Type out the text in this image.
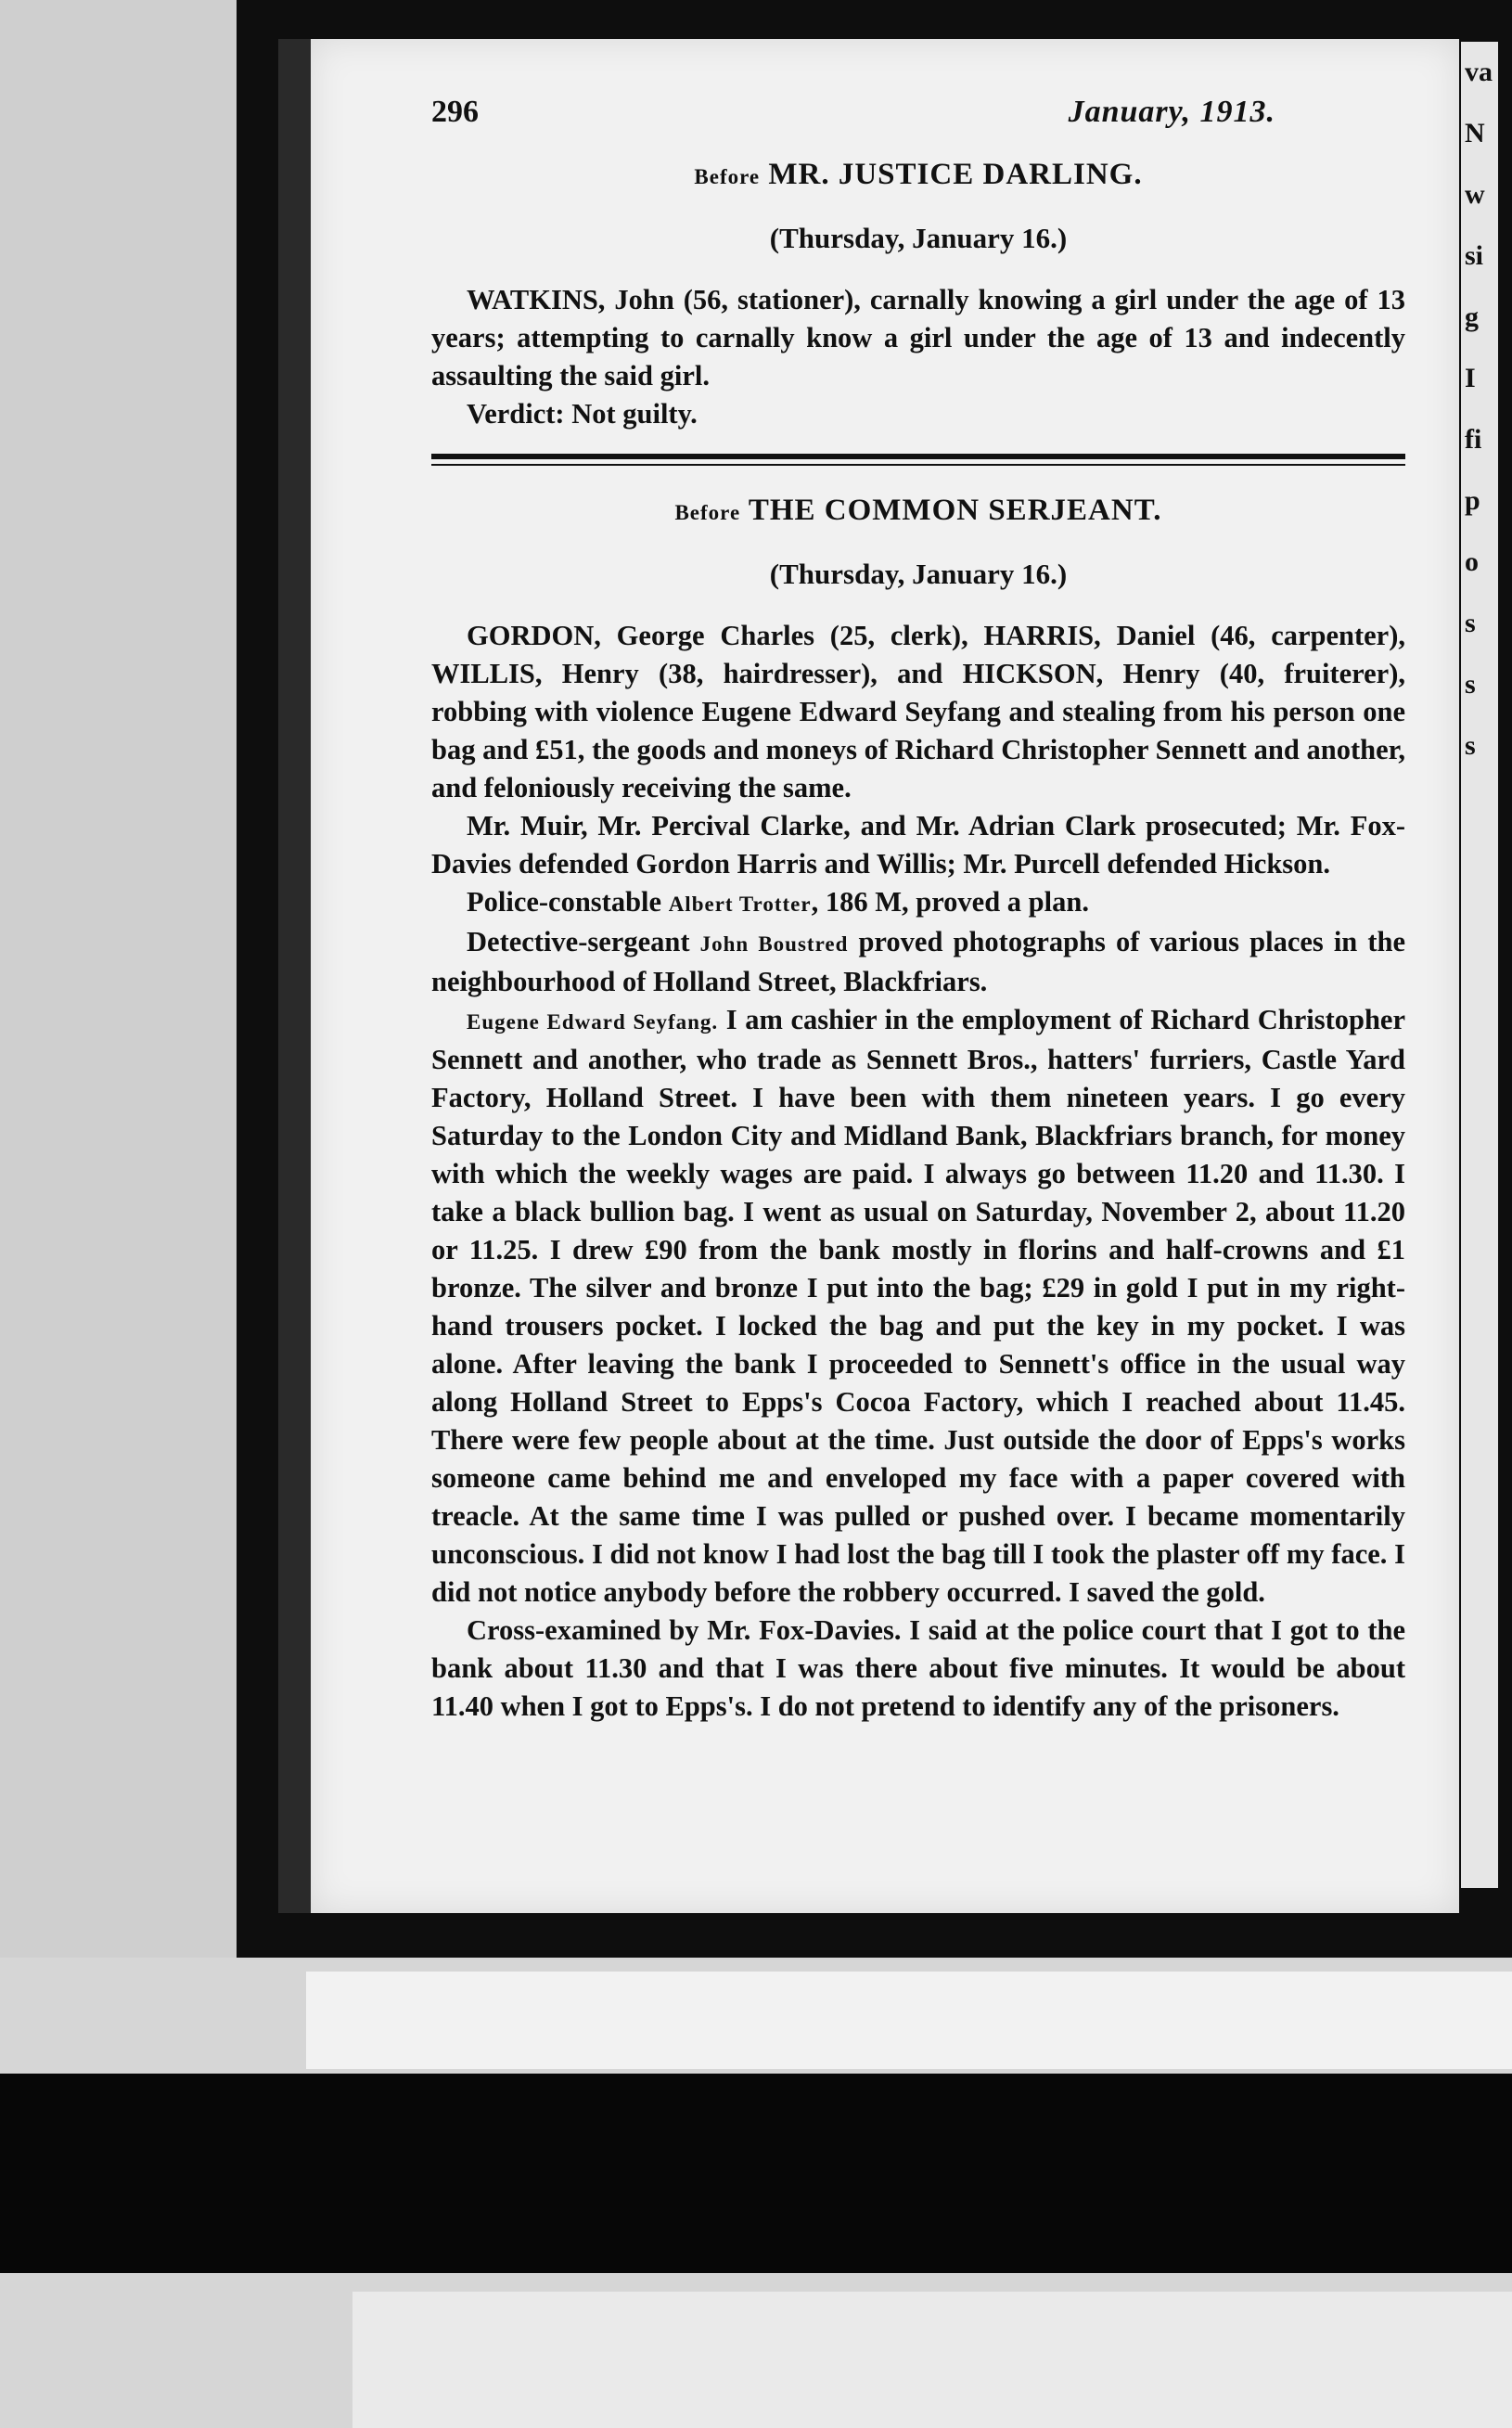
va
N
w
si
g
I
fi
p
o
s
s
s
296	January, 1913.
Before MR. JUSTICE DARLING.
(Thursday, January 16.)

WATKINS, John (56, stationer), carnally knowing a girl under the age of 13 years; attempting to carnally know a girl under the age of 13 and indecently assaulting the said girl.

Verdict: Not guilty.

Before THE COMMON SERJEANT.
(Thursday, January 16.)

GORDON, George Charles (25, clerk), HARRIS, Daniel (46, carpenter), WILLIS, Henry (38, hairdresser), and HICKSON, Henry (40, fruiterer), robbing with violence Eugene Edward Seyfang and stealing from his person one bag and £51, the goods and moneys of Richard Christopher Sennett and another, and feloniously receiving the same.

Mr. Muir, Mr. Percival Clarke, and Mr. Adrian Clark prosecuted; Mr. Fox-Davies defended Gordon Harris and Willis; Mr. Purcell defended Hickson.

Police-constable Albert Trotter, 186 M, proved a plan.

Detective-sergeant John Boustred proved photographs of various places in the neighbourhood of Holland Street, Blackfriars.

Eugene Edward Seyfang. I am cashier in the employment of Richard Christopher Sennett and another, who trade as Sennett Bros., hatters' furriers, Castle Yard Factory, Holland Street. I have been with them nineteen years. I go every Saturday to the London City and Midland Bank, Blackfriars branch, for money with which the weekly wages are paid. I always go between 11.20 and 11.30. I take a black bullion bag. I went as usual on Saturday, November 2, about 11.20 or 11.25. I drew £90 from the bank mostly in florins and half-crowns and £1 bronze. The silver and bronze I put into the bag; £29 in gold I put in my right-hand trousers pocket. I locked the bag and put the key in my pocket. I was alone. After leaving the bank I proceeded to Sennett's office in the usual way along Holland Street to Epps's Cocoa Factory, which I reached about 11.45. There were few people about at the time. Just outside the door of Epps's works someone came behind me and enveloped my face with a paper covered with treacle. At the same time I was pulled or pushed over. I became momentarily unconscious. I did not know I had lost the bag till I took the plaster off my face. I did not notice anybody before the robbery occurred. I saved the gold.

Cross-examined by Mr. Fox-Davies. I said at the police court that I got to the bank about 11.30 and that I was there about five minutes. It would be about 11.40 when I got to Epps's. I do not pretend to identify any of the prisoners.
